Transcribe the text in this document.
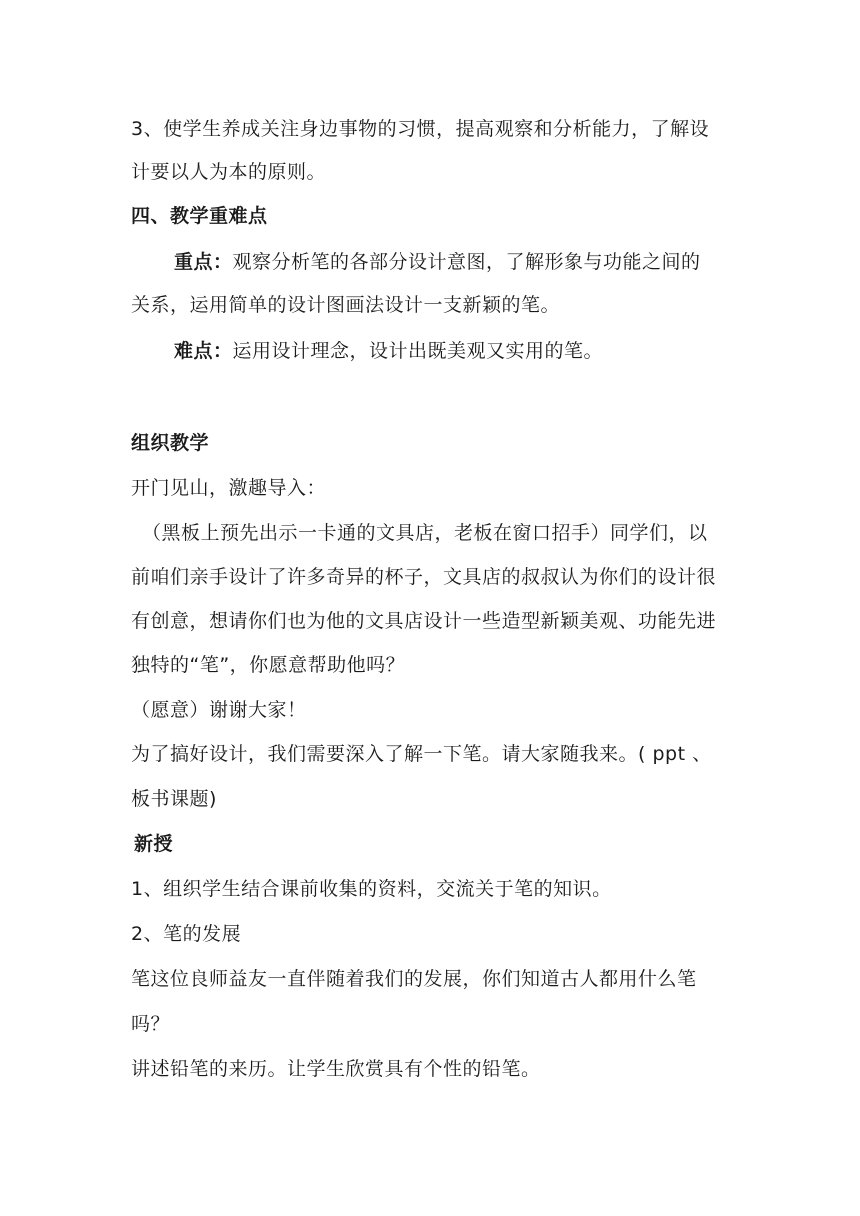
3、使学生养成关注身边事物的习惯，提高观察和分析能力，了解设
计要以人为本的原则。
四、教学重难点
重点：观察分析笔的各部分设计意图，了解形象与功能之间的
关系，运用简单的设计图画法设计一支新颖的笔。
难点：运用设计理念，设计出既美观又实用的笔。
组织教学
开门见山，激趣导入：
（黑板上预先出示一卡通的文具店，老板在窗口招手）同学们，以
前咱们亲手设计了许多奇异的杯子，文具店的叔叔认为你们的设计很
有创意，想请你们也为他的文具店设计一些造型新颖美观、功能先进
独特的“笔”，你愿意帮助他吗？
（愿意）谢谢大家！
为了搞好设计，我们需要深入了解一下笔。请大家随我来。( ppt 、
板书课题)
新授
1、组织学生结合课前收集的资料，交流关于笔的知识。
2、笔的发展
笔这位良师益友一直伴随着我们的发展，你们知道古人都用什么笔
吗？
讲述铅笔的来历。让学生欣赏具有个性的铅笔。
